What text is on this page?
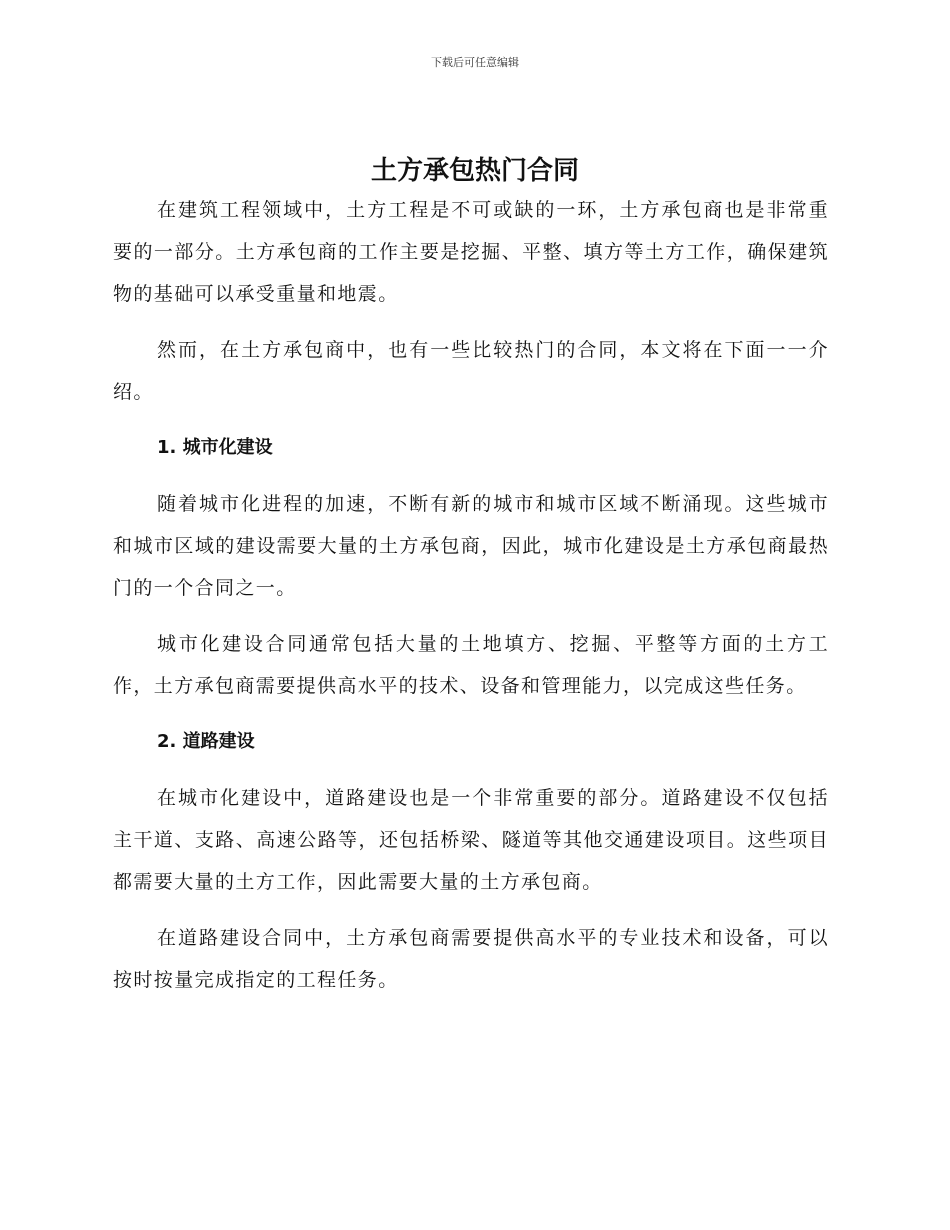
下载后可任意编辑
土方承包热门合同

在建筑工程领域中，土方工程是不可或缺的一环，土方承包商也是非常重要的一部分。土方承包商的工作主要是挖掘、平整、填方等土方工作，确保建筑物的基础可以承受重量和地震。

然而，在土方承包商中，也有一些比较热门的合同，本文将在下面一一介绍。

1. 城市化建设

随着城市化进程的加速，不断有新的城市和城市区域不断涌现。这些城市和城市区域的建设需要大量的土方承包商，因此，城市化建设是土方承包商最热门的一个合同之一。

城市化建设合同通常包括大量的土地填方、挖掘、平整等方面的土方工作，土方承包商需要提供高水平的技术、设备和管理能力，以完成这些任务。

2. 道路建设

在城市化建设中，道路建设也是一个非常重要的部分。道路建设不仅包括主干道、支路、高速公路等，还包括桥梁、隧道等其他交通建设项目。这些项目都需要大量的土方工作，因此需要大量的土方承包商。

在道路建设合同中，土方承包商需要提供高水平的专业技术和设备，可以按时按量完成指定的工程任务。
